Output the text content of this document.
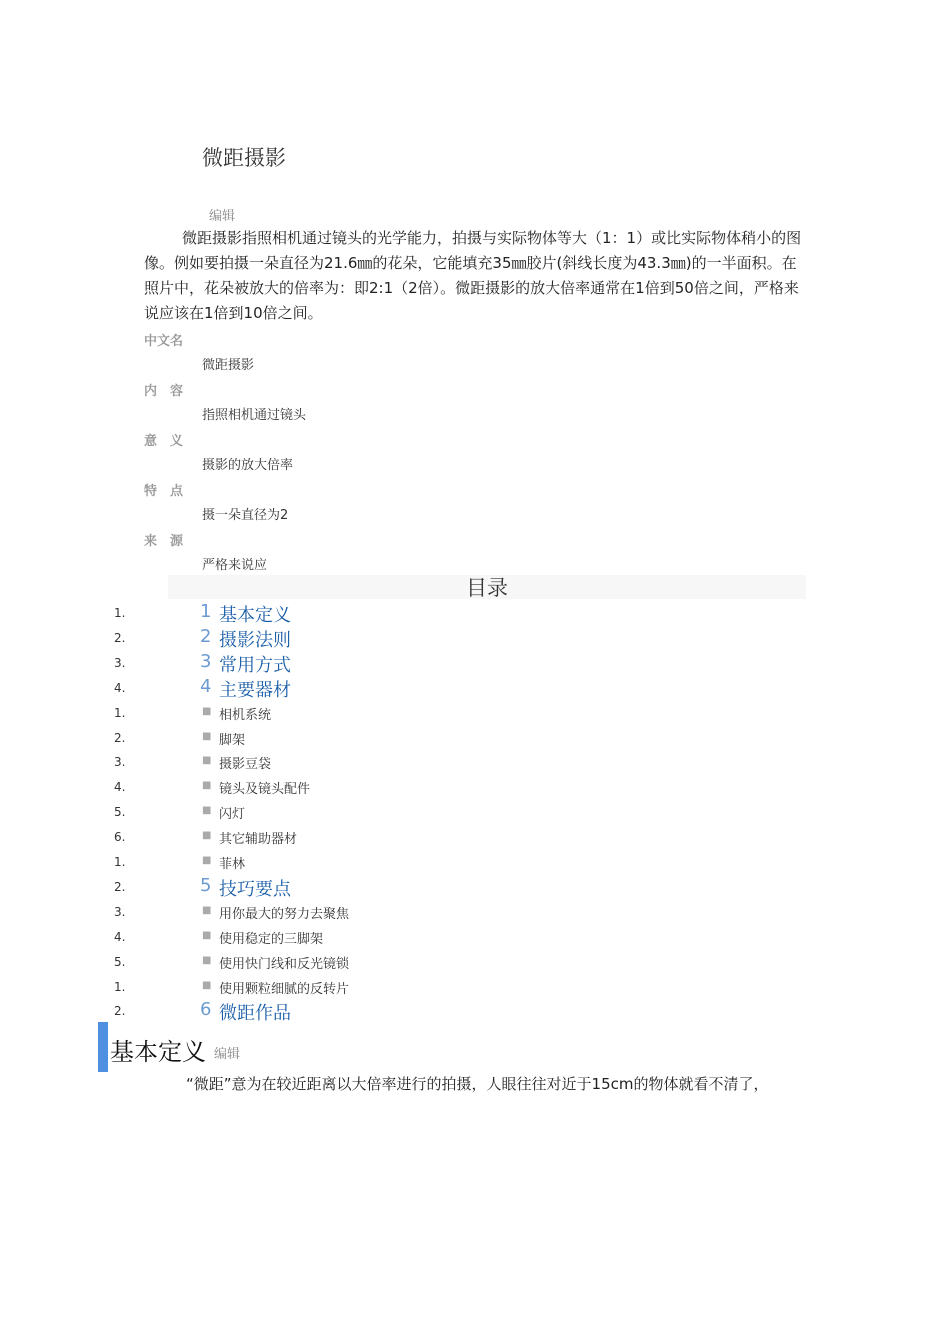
微距摄影
编辑
微距摄影指照相机通过镜头的光学能力，拍摄与实际物体等大（1：1）或比实际物体稍小的图像。例如要拍摄一朵直径为21.6㎜的花朵，它能填充35㎜胶片(斜线长度为43.3㎜)的一半面积。在照片中，花朵被放大的倍率为：即2:1（2倍）。微距摄影的放大倍率通常在1倍到50倍之间，严格来说应该在1倍到10倍之间。
中文名
微距摄影
内　容
指照相机通过镜头
意　义
摄影的放大倍率
特　点
摄一朵直径为2
来　源
严格来说应
目录
1.	1 基本定义
2.	2 摄影法则
3.	3 常用方式
4.	4 主要器材
1.	■ 相机系统
2.	■ 脚架
3.	■ 摄影豆袋
4.	■ 镜头及镜头配件
5.	■ 闪灯
6.	■ 其它辅助器材
1.	■ 菲林
2.	5 技巧要点
3.	■ 用你最大的努力去聚焦
4.	■ 使用稳定的三脚架
5.	■ 使用快门线和反光镜锁
1.	■ 使用颗粒细腻的反转片
2.	6 微距作品
基本定义 编辑
“微距”意为在较近距离以大倍率进行的拍摄，人眼往往对近于15cm的物体就看不清了，
